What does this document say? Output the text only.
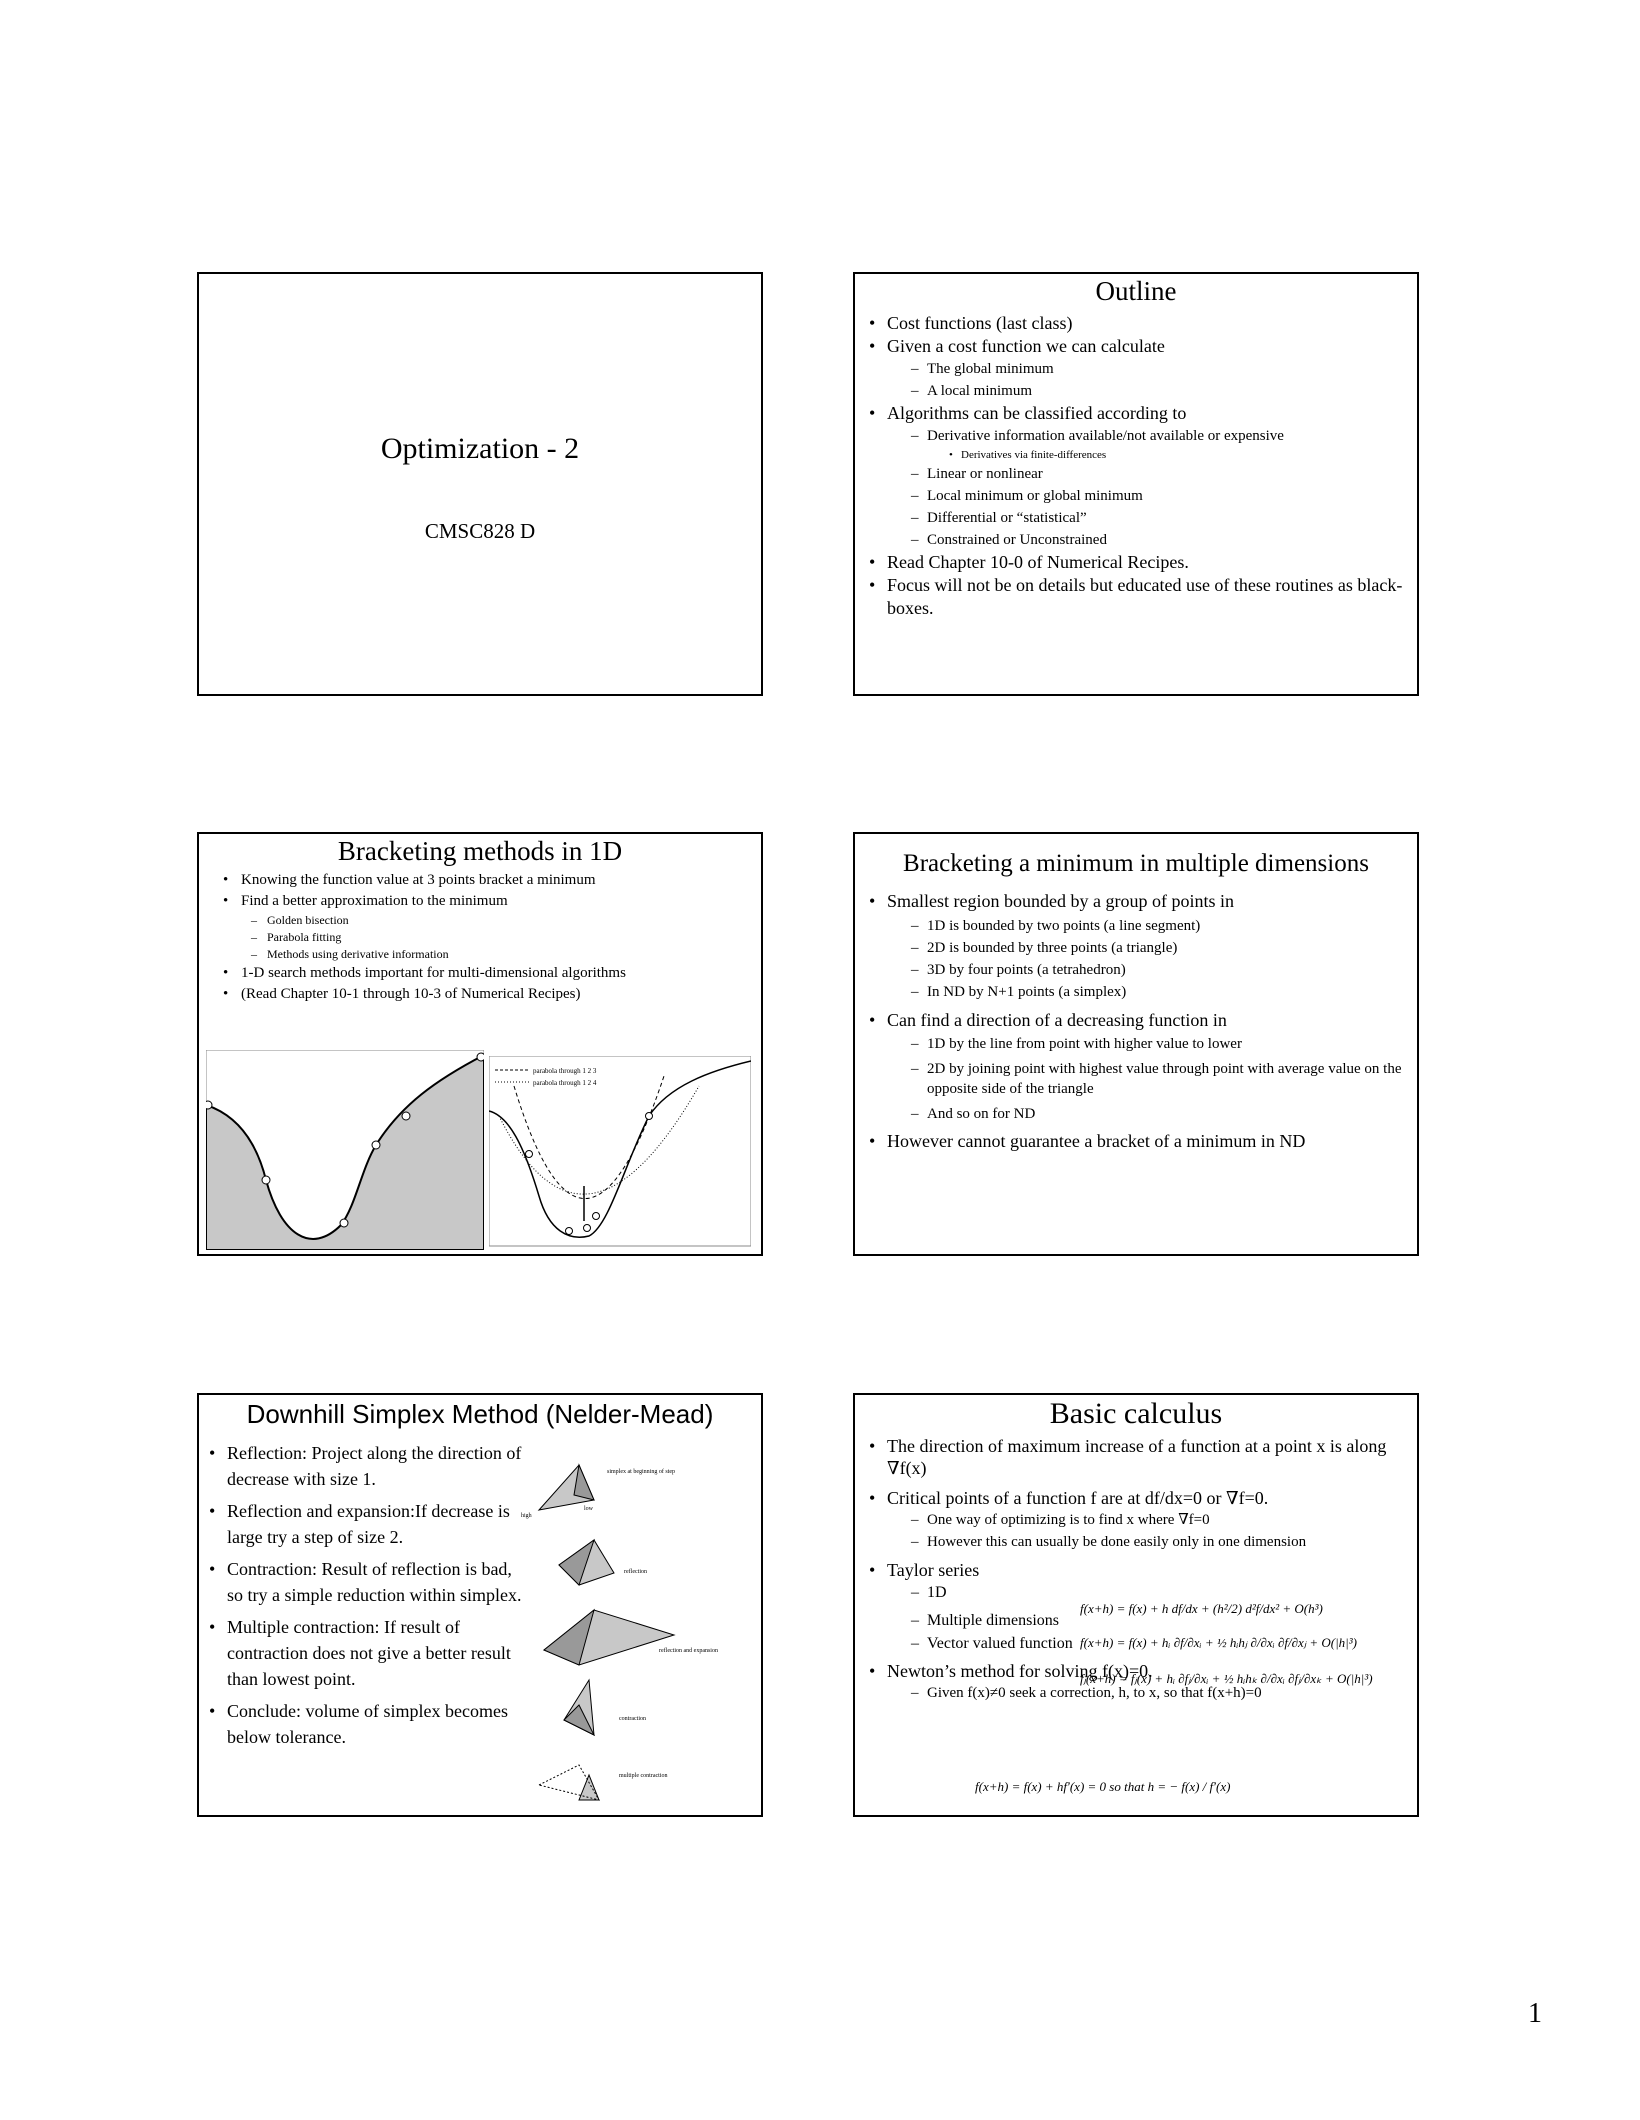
Optimization - 2
CMSC828 D
Outline
• Cost functions (last class)
• Given a cost function we can calculate
– The global minimum
– A local minimum
• Algorithms can be classified according to
– Derivative information available/not available or expensive
• Derivatives via finite-differences
– Linear or nonlinear
– Local minimum or global minimum
– Differential or “statistical”
– Constrained or Unconstrained
• Read Chapter 10-0 of Numerical Recipes.
• Focus will not be on details but educated use of these routines as black-boxes.
Bracketing methods in 1D
• Knowing the function value at 3 points bracket a minimum
• Find a better approximation to the minimum
– Golden bisection
– Parabola fitting
– Methods using derivative information
• 1-D search methods important for multi-dimensional algorithms
• (Read Chapter 10-1 through 10-3 of Numerical Recipes)
parabola through 1 2 3
parabola through 1 2 4
Bracketing a minimum in multiple dimensions
• Smallest region bounded by a group of points in
– 1D is bounded by two points (a line segment)
– 2D is bounded by three points (a triangle)
– 3D by four points (a tetrahedron)
– In ND by N+1 points (a simplex)
• Can find a direction of a decreasing function in
– 1D by the line from point with higher value to lower
– 2D by joining point with highest value through point with average value on the opposite side of the triangle
– And so on for ND
• However cannot guarantee a bracket of a minimum in ND
Downhill Simplex Method (Nelder-Mead)
• Reflection: Project along the direction of decrease with size 1.
• Reflection and expansion:If decrease is large try a step of size 2.
• Contraction: Result of reflection is bad, so try a simple reduction within simplex.
• Multiple contraction: If result of contraction does not give a better result than lowest point.
• Conclude: volume of simplex becomes below tolerance.
simplex at beginning of step
high
low
reflection
reflection and expansion
contraction
multiple contraction
Basic calculus
• The direction of maximum increase of a function at a point x is along ∇f(x)
• Critical points of a function f are at df/dx=0 or ∇f=0.
– One way of optimizing is to find x where ∇f=0
– However this can usually be done easily only in one dimension
• Taylor series
– 1D
– Multiple dimensions
– Vector valued function
• Newton’s method for solving f(x)=0.
– Given f(x)≠0 seek a correction, h, to x, so that f(x+h)=0
f(x+h) = f(x) + h df/dx + (h²/2) d²f/dx² + O(h³)
f(x+h) = f(x) + hᵢ ∂f/∂xᵢ + ½ hᵢhⱼ ∂/∂xᵢ ∂f/∂xⱼ + O(|h|³)
fⱼ(x+h) = fⱼ(x) + hᵢ ∂fⱼ/∂xᵢ + ½ hᵢhₖ ∂/∂xᵢ ∂fⱼ/∂xₖ + O(|h|³)
f(x+h) = f(x) + hf′(x) = 0 so that h = − f(x) / f′(x)
1
